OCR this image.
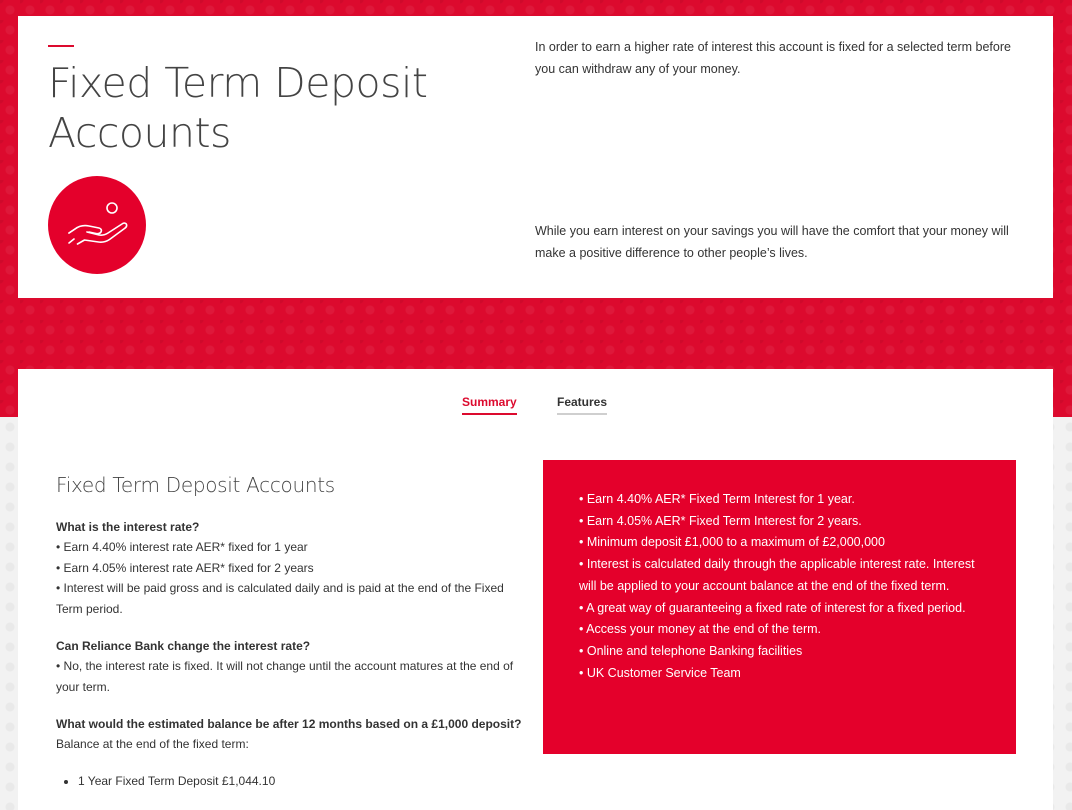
Fixed Term Deposit
Accounts

In order to earn a higher rate of interest this account is fixed for a selected term before you can withdraw any of your money.

While you earn interest on your savings you will have the comfort that your money will make a positive difference to other people’s lives.

Summary	Features
Fixed Term Deposit Accounts
What is the interest rate?
• Earn 4.40% interest rate AER* fixed for 1 year
• Earn 4.05% interest rate AER* fixed for 2 years
• Interest will be paid gross and is calculated daily and is paid at the end of the Fixed Term period.
Can Reliance Bank change the interest rate?
• No, the interest rate is fixed. It will not change until the account matures at the end of your term.
What would the estimated balance be after 12 months based on a £1,000 deposit?
Balance at the end of the fixed term:
• 1 Year Fixed Term Deposit £1,044.10

• Earn 4.40% AER* Fixed Term Interest for 1 year.

• Earn 4.05% AER* Fixed Term Interest for 2 years.

• Minimum deposit £1,000 to a maximum of £2,000,000

• Interest is calculated daily through the applicable interest rate. Interest will be applied to your account balance at the end of the fixed term.

• A great way of guaranteeing a fixed rate of interest for a fixed period.

• Access your money at the end of the term.

• Online and telephone Banking facilities

• UK Customer Service Team
